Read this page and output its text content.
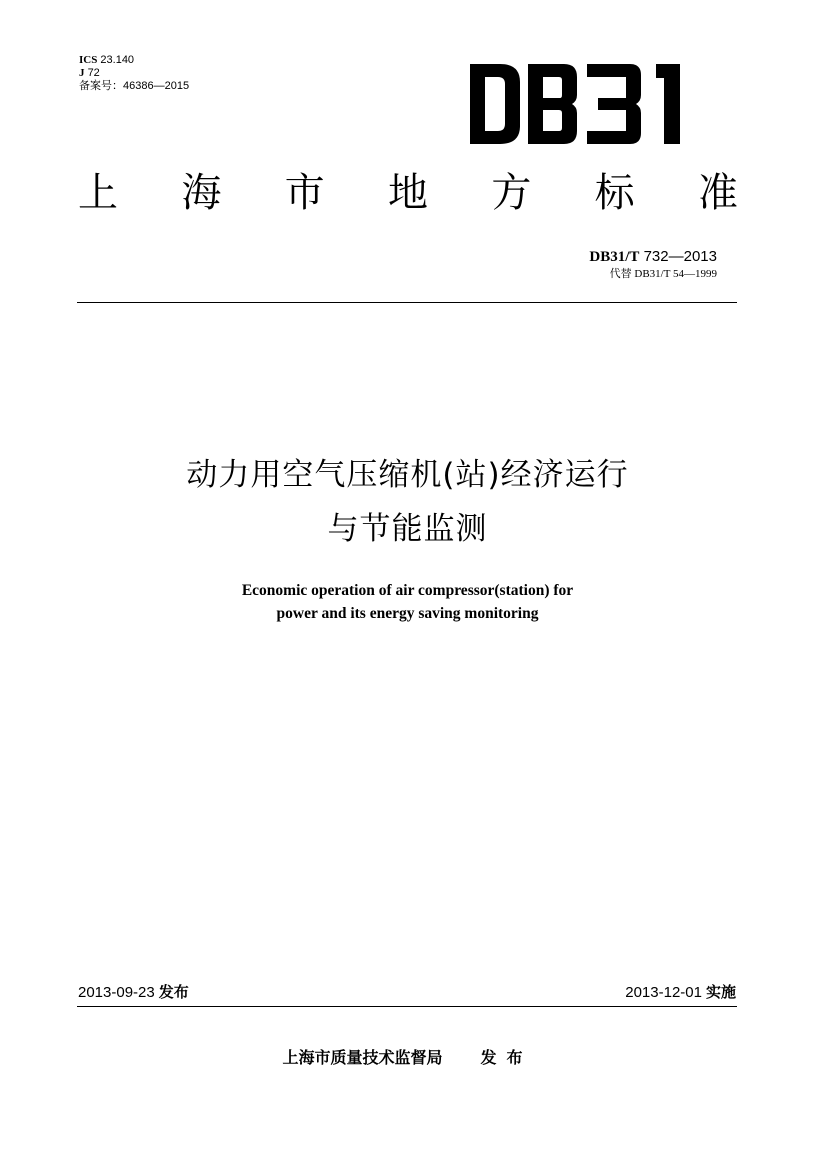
ICS 23.140
J 72
备案号：46386—2015
上 海 市 地 方 标 准
DB31/T 732—2013
代替 DB31/T 54—1999
动力用空气压缩机(站)经济运行
与节能监测
Economic operation of air compressor(station) for
power and its energy saving monitoring
2013-09-23 发布	2013-12-01 实施
上海市质量技术监督局 发布
